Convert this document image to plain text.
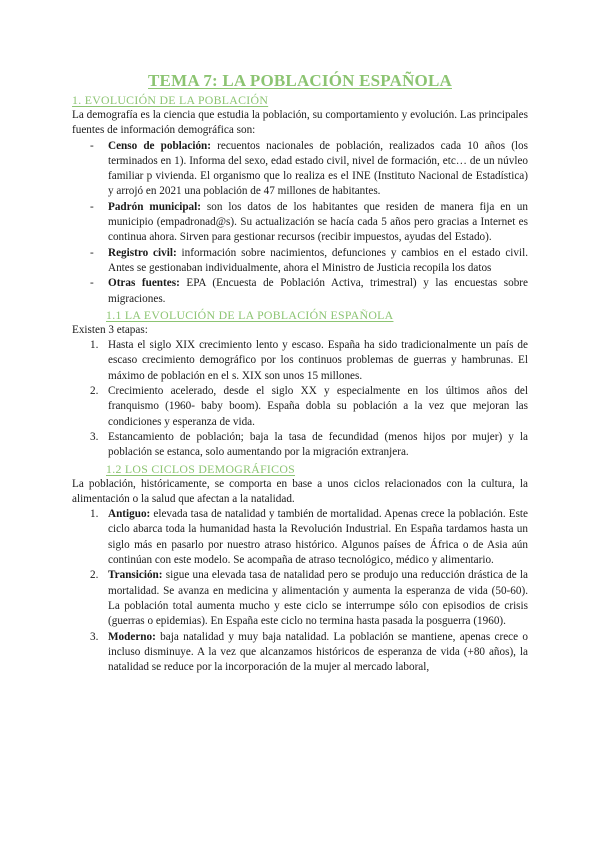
TEMA 7: LA POBLACIÓN ESPAÑOLA
1. EVOLUCIÓN DE LA POBLACIÓN

La demografía es la ciencia que estudia la población, su comportamiento y evolución. Las principales fuentes de información demográfica son:

- Censo de población: recuentos nacionales de población, realizados cada 10 años (los terminados en 1). Informa del sexo, edad estado civil, nivel de formación, etc… de un núvleo familiar p vivienda. El organismo que lo realiza es el INE (Instituto Nacional de Estadística) y arrojó en 2021 una población de 47 millones de habitantes.
- Padrón municipal: son los datos de los habitantes que residen de manera fija en un municipio (empadronad@s). Su actualización se hacía cada 5 años pero gracias a Internet es continua ahora. Sirven para gestionar recursos (recibir impuestos, ayudas del Estado).
- Registro civil: información sobre nacimientos, defunciones y cambios en el estado civil. Antes se gestionaban individualmente, ahora el Ministro de Justicia recopila los datos
- Otras fuentes: EPA (Encuesta de Población Activa, trimestral) y las encuestas sobre migraciones.
1.1 LA EVOLUCIÓN DE LA POBLACIÓN ESPAÑOLA

Existen 3 etapas:

1. Hasta el siglo XIX crecimiento lento y escaso. España ha sido tradicionalmente un país de escaso crecimiento demográfico por los continuos problemas de guerras y hambrunas. El máximo de población en el s. XIX son unos 15 millones.
2. Crecimiento acelerado, desde el siglo XX y especialmente en los últimos años del franquismo (1960- baby boom). España dobla su población a la vez que mejoran las condiciones y esperanza de vida.
3. Estancamiento de población; baja la tasa de fecundidad (menos hijos por mujer) y la población se estanca, solo aumentando por la migración extranjera.
1.2 LOS CICLOS DEMOGRÁFICOS

La población, históricamente, se comporta en base a unos ciclos relacionados con la cultura, la alimentación o la salud que afectan a la natalidad.

1. Antiguo: elevada tasa de natalidad y también de mortalidad. Apenas crece la población. Este ciclo abarca toda la humanidad hasta la Revolución Industrial. En España tardamos hasta un siglo más en pasarlo por nuestro atraso histórico. Algunos países de África o de Asia aún continúan con este modelo. Se acompaña de atraso tecnológico, médico y alimentario.
2. Transición: sigue una elevada tasa de natalidad pero se produjo una reducción drástica de la mortalidad. Se avanza en medicina y alimentación y aumenta la esperanza de vida (50-60). La población total aumenta mucho y este ciclo se interrumpe sólo con episodios de crisis (guerras o epidemias). En España este ciclo no termina hasta pasada la posguerra (1960).
3. Moderno: baja natalidad y muy baja natalidad. La población se mantiene, apenas crece o incluso disminuye. A la vez que alcanzamos históricos de esperanza de vida (+80 años), la natalidad se reduce por la incorporación de la mujer al mercado laboral,
